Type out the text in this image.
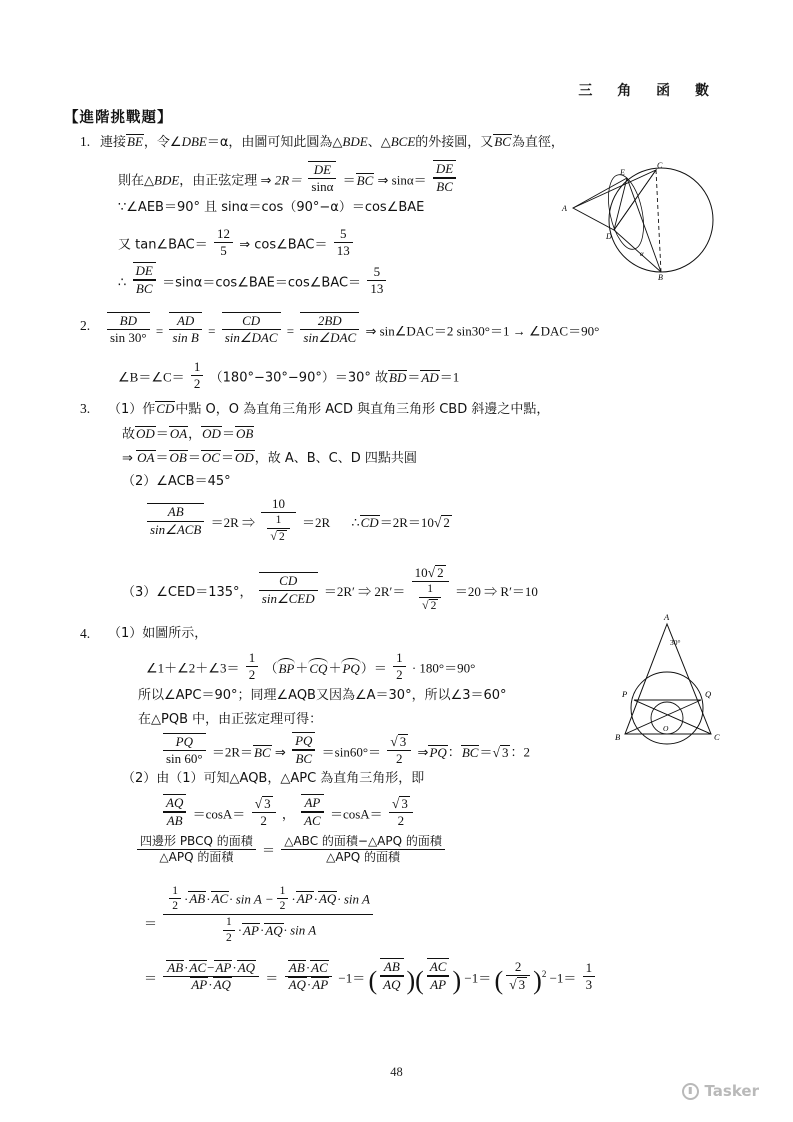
三 角 函 數
【進階挑戰題】
1. 連接BE，令∠DBE＝α，由圖可知此圓為△BDE、△BCE的外接圓，又BC為直徑，
則在△BDE，由正弦定理 ⇒ $2R= \frac{DE}{\sin\alpha} =BC$ ⇒ $\sin\alpha= \frac{DE}{BC}$
∵∠AEB＝90° 且 sinα＝cos（90°−α）＝cos∠BAE
又 tan∠BAC＝ $\frac{12}{5}$ ⇒ cos∠BAC＝ $\frac{5}{13}$
∴ $\frac{DE}{BC}$ ＝sinα＝cos∠BAE＝cos∠BAC＝ $\frac{5}{13}$
A
E
C
D
B
α
2. $\frac{BD}{\sin 30^\circ} = \frac{AD}{\text{sin B}}$ =
CD
sin∠DAC =
2BD
sin∠DAC ⇒ sin∠DAC＝2 sin30°＝1 → ∠DAC＝90°
∠B＝∠C＝ $\frac{1}{2} (180^\circ-30^\circ-90^\circ)=30^\circ$ 故BD＝AD＝1
3. （1）作CD中點 O，O 為直角三角形 ACD 與直角三角形 CBD 斜邊之中點，
故OD＝OA，OD＝OB
⇒ OA＝OB＝OC＝OD，故 A、B、C、D 四點共圓
（2）∠ACB＝45°
AB
sin∠ACB ＝2R ⇒ $\frac{10}{\frac{1}{√ 2}} =2R$ ∴CD＝2R＝10√ 2
（3）∠CED＝135°，
CD
sin∠CED ＝2R′ ⇒ $2R'= \frac{10√ 2}{\frac{1}{√ 2}} =20$ ⇒ R′＝10
4. （1）如圖所示，
∠1＋∠2＋∠3＝ $\frac{1}{2} (BP+CQ+PQ)= \frac{1}{2} \cdot 180^\circ=90^\circ$
所以∠APC＝90°；同理∠AQB又因為∠A＝30°，所以∠3＝60°
在△PQB 中，由正弦定理可得：
$\frac{PQ}{\sin 60^\circ} =2R=BC$ ⇒ $\frac{PQ}{BC} =\sin 60^\circ= \frac{√ 3}{2}$ ⇒PQ：BC＝√ 3 ：2
（2）由（1）可知△AQB，△APC 為直角三角形，即
$\frac{AQ}{AB} =\cos A= \frac{√ 3}{2}$ ， $\frac{AP}{AC} =\cos A= \frac{√ 3}{2}$
四邊形 PBCQ 的面積
△APQ 的面積	＝
△ABC 的面積−△APQ 的面積
△APQ 的面積
＝ $\frac{\frac{1}{2} \cdot AB\cdot AC\cdot \sin A - \frac{1}{2} \cdot AP\cdot AQ\cdot \sin A}{\frac{1}{2} \cdot AP\cdot AQ\cdot \sin A}$
＝ $\frac{AB\cdot AC-AP\cdot AQ}{AP\cdot AQ} = \frac{AB\cdot AC}{AQ\cdot AP} -1=$ ( $\frac{AB}{AQ}$ )( $\frac{AC}{AP}$ ) −1＝ ( $\frac{2}{√ 3} )^2 -1= \frac{1}{3}$
A
30°
P	Q
B
O
C
48
Tasker
